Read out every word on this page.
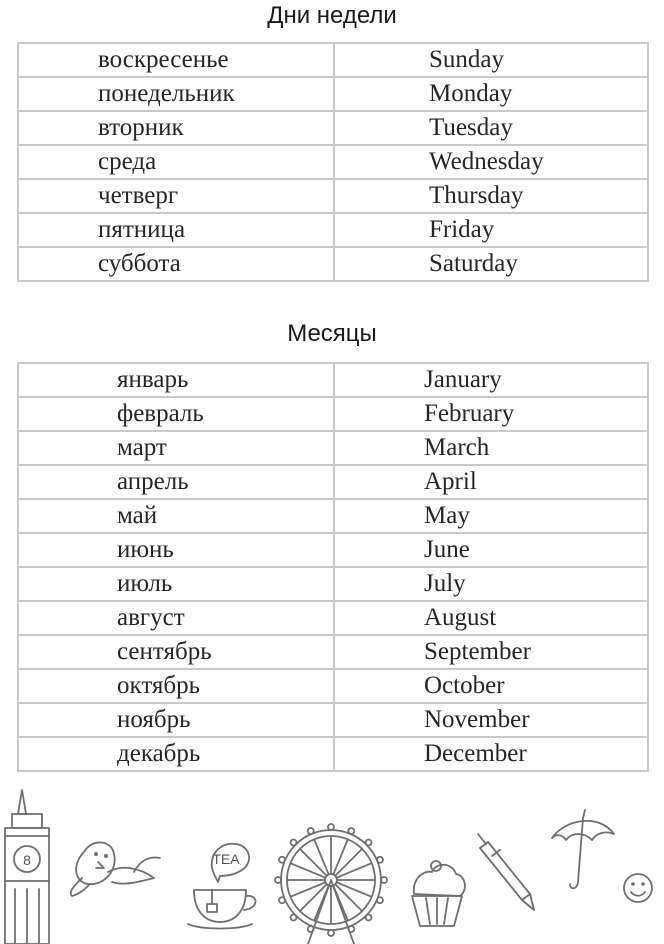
Дни недели
воскресенье	Sunday
понедельник	Monday
вторник	Tuesday
среда	Wednesday
четверг	Thursday
пятница	Friday
суббота	Saturday
Месяцы
январь	January
февраль	February
март	March
апрель	April
май	May
июнь	June
июль	July
август	August
сентябрь	September
октябрь	October
ноябрь	November
декабрь	December
8	TEA
